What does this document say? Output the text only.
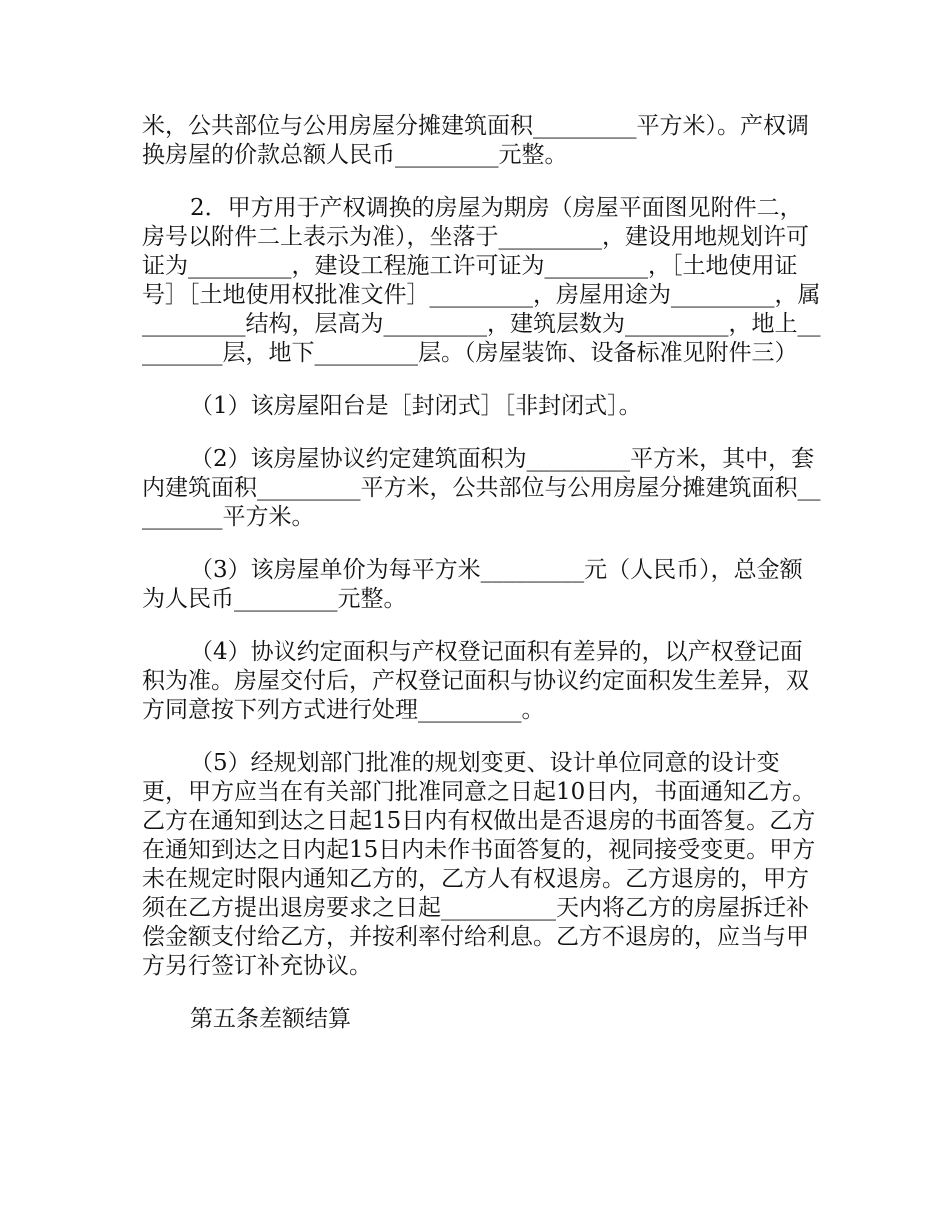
米，公共部位与公用房屋分摊建筑面积_________平方米）。产权调换房屋的价款总额人民币_________元整。

2．甲方用于产权调换的房屋为期房（房屋平面图见附件二，房号以附件二上表示为准），坐落于_________，建设用地规划许可证为_________，建设工程施工许可证为_________，［土地使用证号］［土地使用权批准文件］_________，房屋用途为_________，属_________结构，层高为_________，建筑层数为_________，地上_________层，地下_________层。（房屋装饰、设备标准见附件三）

（1）该房屋阳台是［封闭式］［非封闭式］。

（2）该房屋协议约定建筑面积为_________平方米，其中，套内建筑面积_________平方米，公共部位与公用房屋分摊建筑面积_________平方米。

（3）该房屋单价为每平方米_________元（人民币），总金额为人民币_________元整。

（4）协议约定面积与产权登记面积有差异的，以产权登记面积为准。房屋交付后，产权登记面积与协议约定面积发生差异，双方同意按下列方式进行处理_________。

（5）经规划部门批准的规划变更、设计单位同意的设计变更，甲方应当在有关部门批准同意之日起10日内，书面通知乙方。乙方在通知到达之日起15日内有权做出是否退房的书面答复。乙方在通知到达之日内起15日内未作书面答复的，视同接受变更。甲方未在规定时限内通知乙方的，乙方人有权退房。乙方退房的，甲方须在乙方提出退房要求之日起__________天内将乙方的房屋拆迁补偿金额支付给乙方，并按利率付给利息。乙方不退房的，应当与甲方另行签订补充协议。

第五条差额结算
